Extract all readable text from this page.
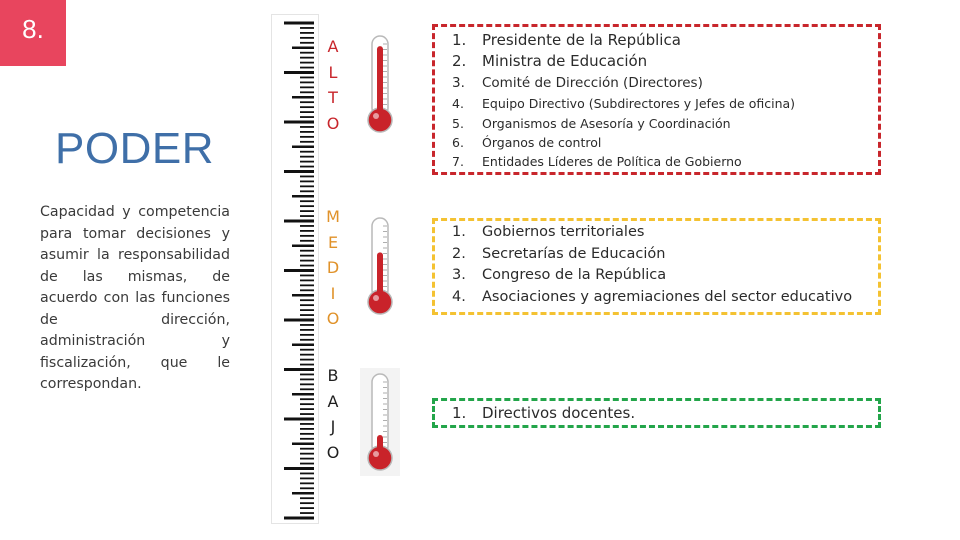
8.
PODER

Capacidad y competencia para tomar decisiones y asumir la responsabilidad de las mismas, de acuerdo con las funciones de dirección, administración y fiscalización, que le correspondan.

A
L
T
O
M
E
D
I
O
B
A
J
O
1.	Presidente de la República
2.	Ministra de Educación
3.	Comité de Dirección (Directores)
4.	Equipo Directivo (Subdirectores y Jefes de oficina)
5.	Organismos de Asesoría y Coordinación
6.	Órganos de control
7.	Entidades Líderes de Política de Gobierno
1.	Gobiernos territoriales
2.	Secretarías de Educación
3.	Congreso de la República
4.	Asociaciones y agremiaciones del sector educativo
1.	Directivos docentes.
